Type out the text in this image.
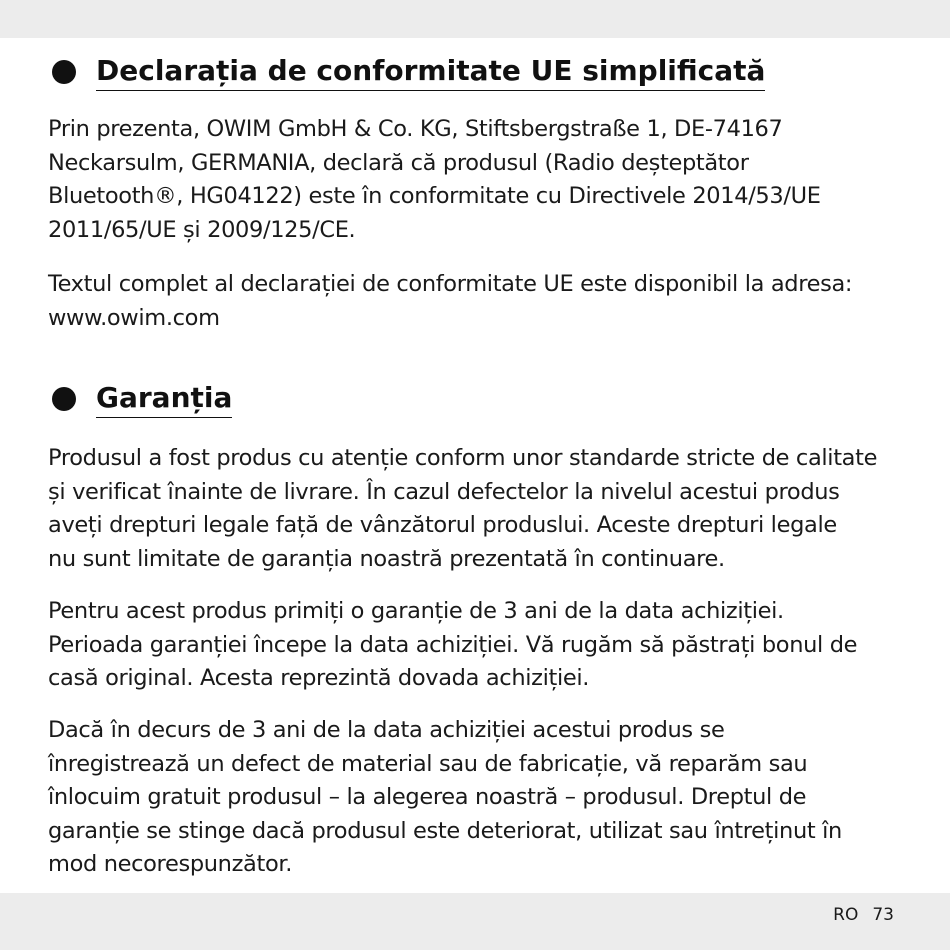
Declarația de conformitate UE simplificată

Prin prezenta, OWIM GmbH & Co. KG, Stiftsbergstraße 1, DE-74167
Neckarsulm, GERMANIA, declară că produsul (Radio deșteptător
Bluetooth®, HG04122) este în conformitate cu Directivele 2014/53/UE
2011/65/UE și 2009/125/CE.

Textul complet al declarației de conformitate UE este disponibil la adresa:
www.owim.com

Garanția

Produsul a fost produs cu atenție conform unor standarde stricte de calitate
și verificat înainte de livrare. În cazul defectelor la nivelul acestui produs
aveți drepturi legale față de vânzătorul produslui. Aceste drepturi legale
nu sunt limitate de garanția noastră prezentată în continuare.

Pentru acest produs primiți o garanție de 3 ani de la data achiziției.
Perioada garanției începe la data achiziției. Vă rugăm să păstrați bonul de
casă original. Acesta reprezintă dovada achiziției.

Dacă în decurs de 3 ani de la data achiziției acestui produs se
înregistrează un defect de material sau de fabricație, vă reparăm sau
înlocuim gratuit produsul – la alegerea noastră – produsul. Dreptul de
garanție se stinge dacă produsul este deteriorat, utilizat sau întreținut în
mod necorespunzător.

RO 73
